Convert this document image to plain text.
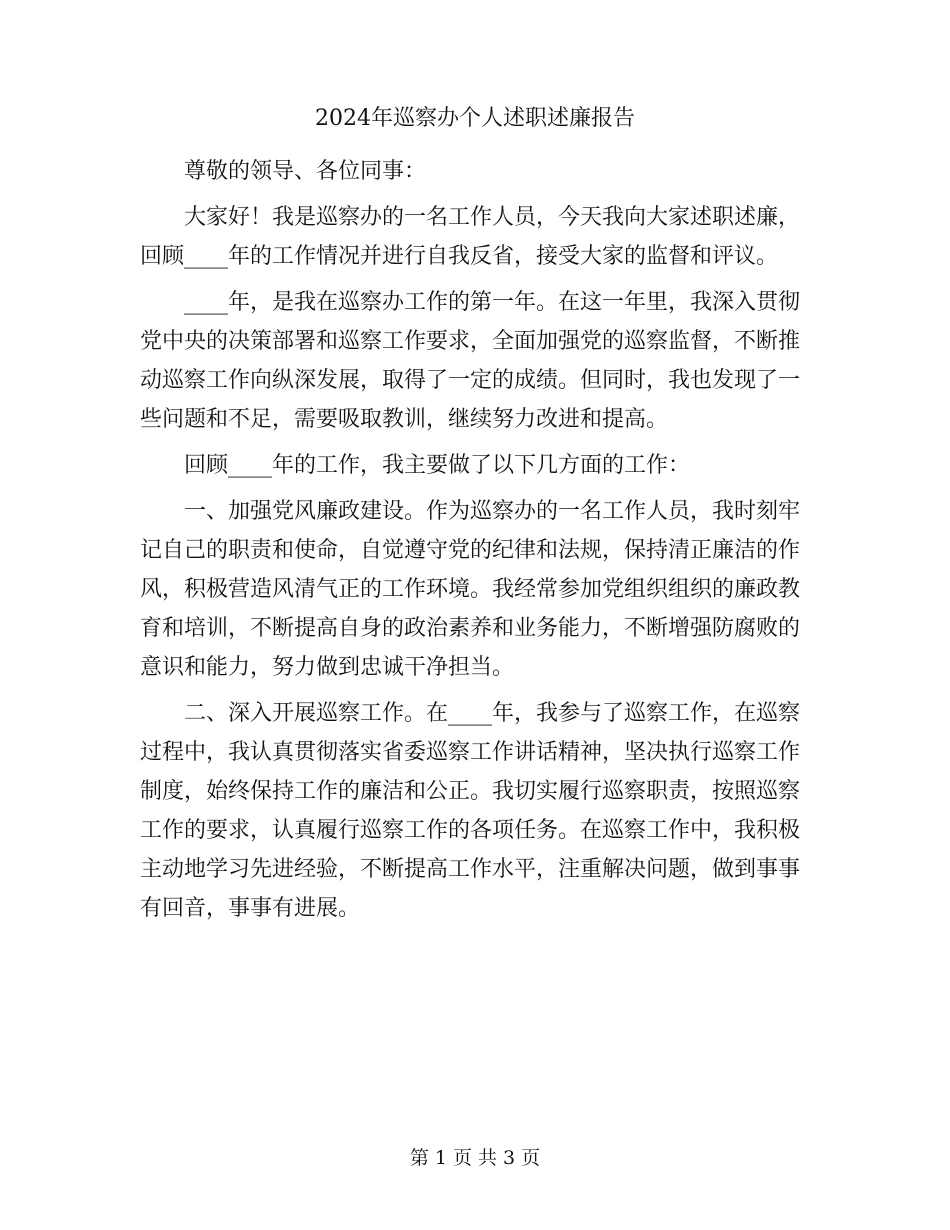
2024年巡察办个人述职述廉报告

尊敬的领导、各位同事：

大家好！我是巡察办的一名工作人员，今天我向大家述职述廉，回顾____年的工作情况并进行自我反省，接受大家的监督和评议。

____年，是我在巡察办工作的第一年。在这一年里，我深入贯彻党中央的决策部署和巡察工作要求，全面加强党的巡察监督，不断推动巡察工作向纵深发展，取得了一定的成绩。但同时，我也发现了一些问题和不足，需要吸取教训，继续努力改进和提高。

回顾____年的工作，我主要做了以下几方面的工作：

一、加强党风廉政建设。作为巡察办的一名工作人员，我时刻牢记自己的职责和使命，自觉遵守党的纪律和法规，保持清正廉洁的作风，积极营造风清气正的工作环境。我经常参加党组织组织的廉政教育和培训，不断提高自身的政治素养和业务能力，不断增强防腐败的意识和能力，努力做到忠诚干净担当。

二、深入开展巡察工作。在____年，我参与了巡察工作，在巡察过程中，我认真贯彻落实省委巡察工作讲话精神，坚决执行巡察工作制度，始终保持工作的廉洁和公正。我切实履行巡察职责，按照巡察工作的要求，认真履行巡察工作的各项任务。在巡察工作中，我积极主动地学习先进经验，不断提高工作水平，注重解决问题，做到事事有回音，事事有进展。

第 1 页 共 3 页
